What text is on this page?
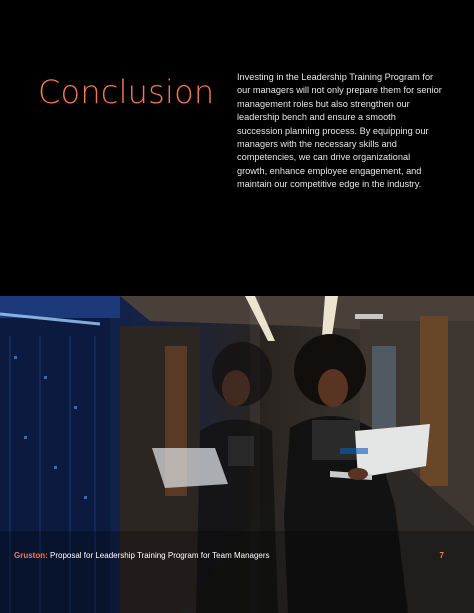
Conclusion Investing in the Leadership Training Program for our managers will not only prepare them for senior management roles but also strengthen our leadership bench and ensure a smooth succession planning process. By equipping our managers with the necessary skills and competencies, we can drive organizational growth, enhance employee engagement, and maintain our competitive edge in the industry.

Gruston: Proposal for Leadership Training Program for Team Managers	7
